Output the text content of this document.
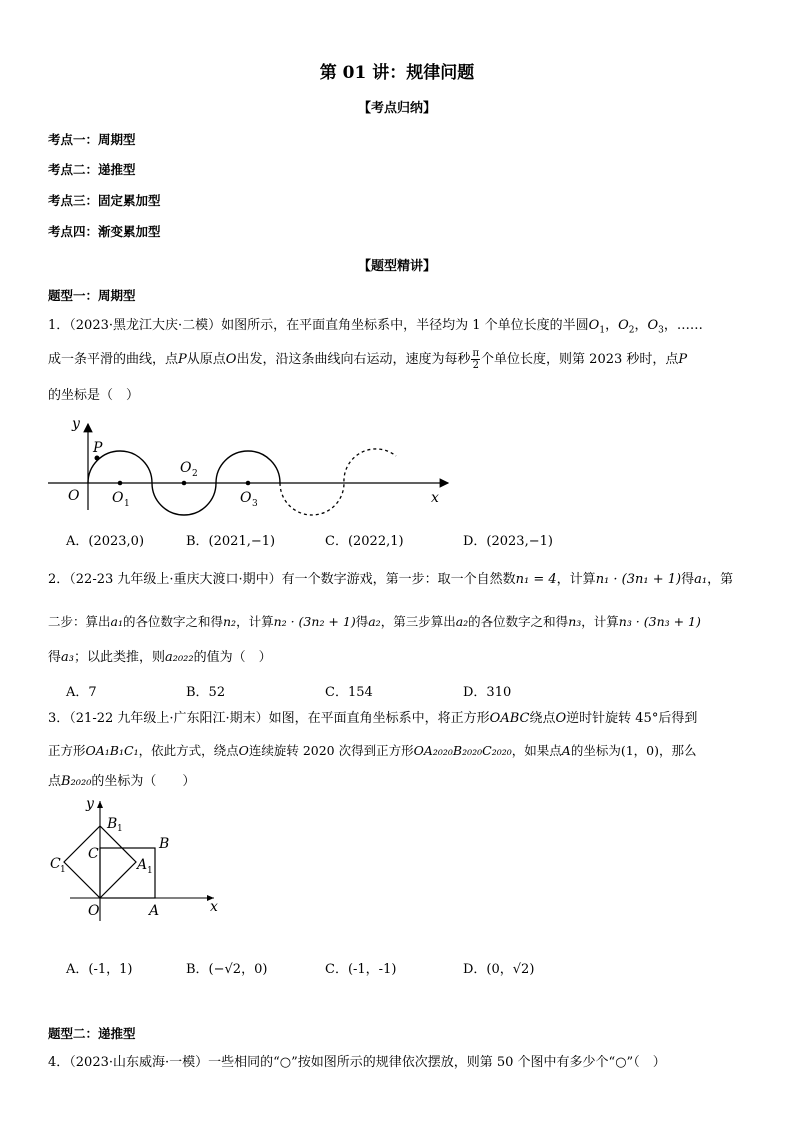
第 01 讲：规律问题
【考点归纳】
考点一：周期型
考点二：递推型
考点三：固定累加型
考点四：渐变累加型
【题型精讲】
题型一：周期型
1．（2023·黑龙江大庆·二模）如图所示，在平面直角坐标系中，半径均为 1 个单位长度的半圆$O_1$，$O_2$，$O_3$，……
成一条平滑的曲线，点P从原点O出发，沿这条曲线向右运动，速度为每秒 $\frac{\pi}{2}$ 个单位长度，则第 2023 秒时，点P
的坐标是（　）
y
P
O O 1
O 2
O 3	x
A．(2023,0)	B．(2021,−1)	C．(2022,1)	D．(2023,−1)
2．（22-23 九年级上·重庆大渡口·期中）有一个数字游戏，第一步：取一个自然数n₁ = 4，计算n₁ · (3n₁ + 1)得a₁，第
二步：算出a₁的各位数字之和得n₂，计算n₂ · (3n₂ + 1)得a₂，第三步算出a₂的各位数字之和得n₃，计算n₃ · (3n₃ + 1)
得a₃；以此类推，则a₂₀₂₂的值为（　）
A．7	B．52	C．154	D．310
3．（21-22 九年级上·广东阳江·期末）如图，在平面直角坐标系中，将正方形OABC绕点O逆时针旋转 45°后得到
正方形OA₁B₁C₁，依此方式，绕点O连续旋转 2020 次得到正方形OA₂₀₂₀B₂₀₂₀C₂₀₂₀，如果点A的坐标为(1，0)，那么
点B₂₀₂₀的坐标为（　　）
y
B 1
B
C
C 1	A 1
O	A	x
A．(-1，1)	B．(−√2，0)	C．(-1，-1)	D．(0，√2)
题型二：递推型
4．（2023·山东威海·一模）一些相同的“○”按如图所示的规律依次摆放，则第 50 个图中有多少个“○”（　）
